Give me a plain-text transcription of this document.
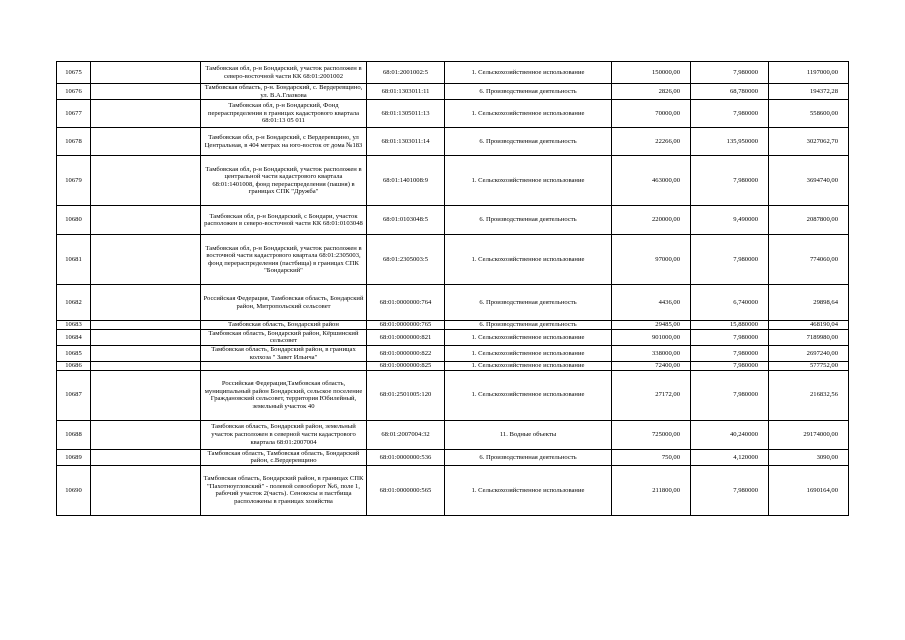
10675		Тамбовская обл, р-н Бондарский, участок расположен в северо-восточной части КК 68:01:2001002	68:01:2001002:5	1. Сельскохозяйственное использование	150000,00	7,980000	1197000,00
10676		Тамбовская область, р-н. Бондарский, с. Вердеревщино, ул. В.А.Глазкова	68:01:1303011:11	6. Производственная деятельность	2826,00	68,780000	194372,28
10677		Тамбовская обл, р-н Бондарский, Фонд перераспределения в границах кадастрового квартала 68:01:13 05 011	68:01:1305011:13	1. Сельскохозяйственное использование	70000,00	7,980000	558600,00
10678		Тамбовская обл, р-н Бондарский, с Вердеревщино, ул Центральная, в 404 метрах на юго-восток от дома №183	68:01:1303011:14	6. Производственная деятельность	22266,00	135,950000	3027062,70
10679		Тамбовская обл, р-н Бондарский, участок расположен в центральной части кадастрового квартала 68:01:1401008, фонд перераспределения (пашня) в границах СПК "Дружба"	68:01:1401008:9	1. Сельскохозяйственное использование	463000,00	7,980000	3694740,00
10680		Тамбовская обл, р-н Бондарский, с Бондари, участок расположен в северо-восточной части КК 68:01:0103048	68:01:0103048:5	6. Производственная деятельность	220000,00	9,490000	2087800,00
10681		Тамбовская обл, р-н Бондарский, участок расположен в восточной части кадастрового квартала 68:01:2305003, фонд перераспределения (пастбища) в границах СПК "Бондарский"	68:01:2305003:5	1. Сельскохозяйственное использование	97000,00	7,980000	774060,00
10682		Российская Федерация, Тамбовская область, Бондарский район, Митропольский сельсовет	68:01:0000000:764	6. Производственная деятельность	4436,00	6,740000	29898,64
10683		Тамбовская область, Бондарский район	68:01:0000000:765	6. Производственная деятельность	29485,00	15,880000	468190,04
10684		Тамбовская область, Бондарский район, Кёршинский сельсовет	68:01:0000000:821	1. Сельскохозяйственное использование	901000,00	7,980000	7189980,00
10685		Тамбовская область, Бондарский район, в границах колхоза " Завет Ильича"	68:01:0000000:822	1. Сельскохозяйственное использование	338000,00	7,980000	2697240,00
10686			68:01:0000000:825	1. Сельскохозяйственное использование	72400,00	7,980000	577752,00
10687		Российская Федерация,Тамбовская область, муниципальный район Бондарский, сельское поселение Граждановский сельсовет, территория Юбилейный, земельный участок 40	68:01:2501005:120	1. Сельскохозяйственное использование	27172,00	7,980000	216832,56
10688		Тамбовская область, Бондарский район, земельный участок расположен в северной части кадастрового квартала 68:01:2007004	68:01:2007004:32	11. Водные объекты	725000,00	40,240000	29174000,00
10689		Тамбовская область, Тамбовская область, Бондарский район, с.Вердеревщино	68:01:0000000:536	6. Производственная деятельность	750,00	4,120000	3090,00
10690		Тамбовская область, Бондарский район, в границах СПК "Пахотноугловский" - полевой севооборот №6, поле 1, рабочий участок 2(часть). Сенокосы и пастбища расположены в границах хозяйства	68:01:0000000:565	1. Сельскохозяйственное использование	211800,00	7,980000	1690164,00
